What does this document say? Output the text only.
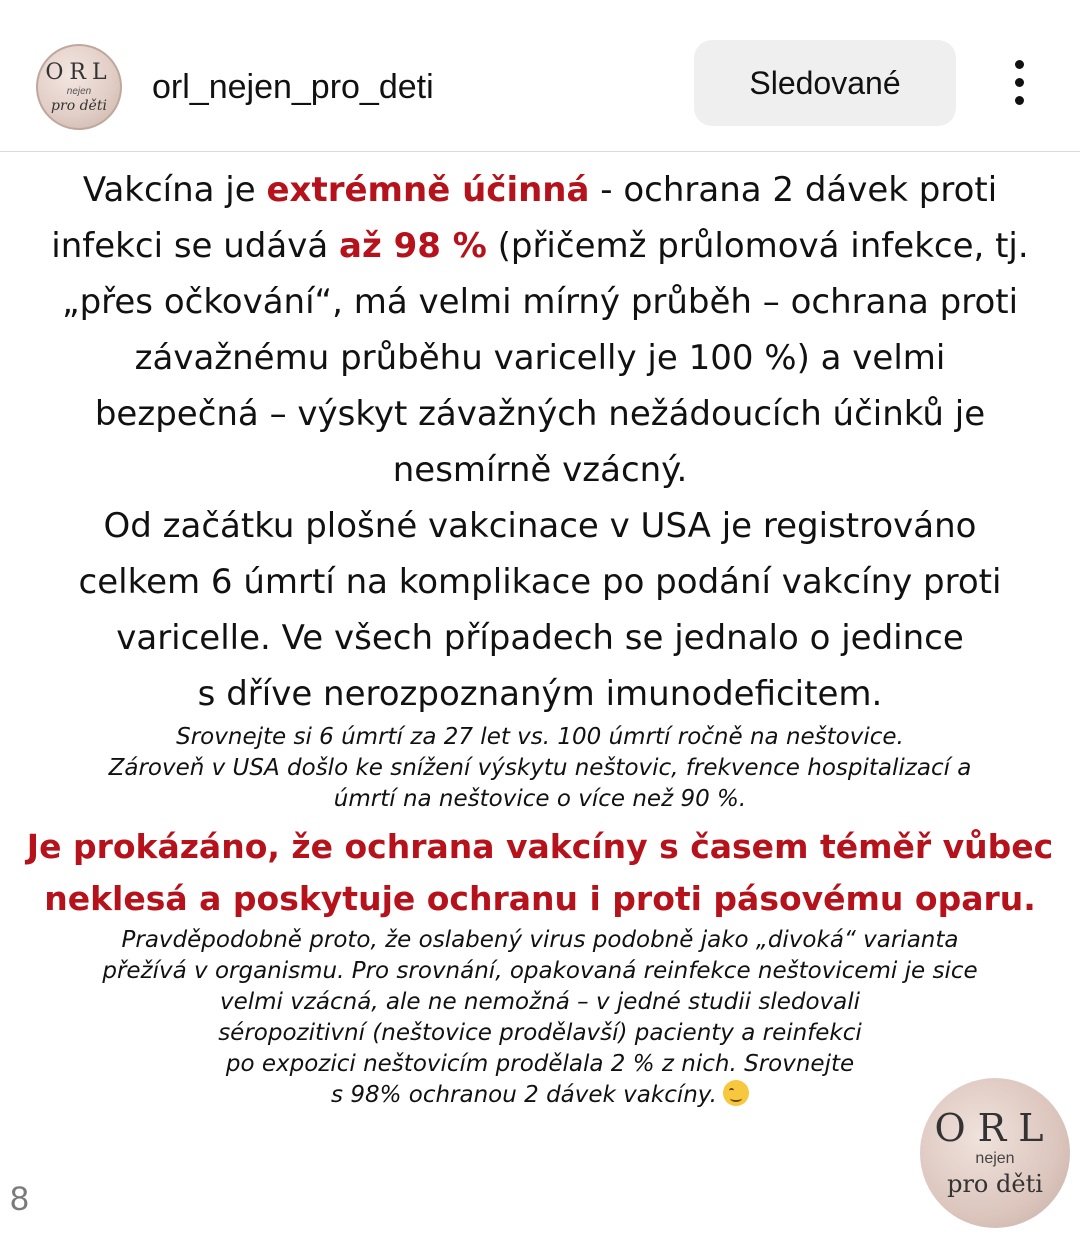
ORL
nejen
pro děti	orl_nejen_pro_deti	Sledované
Vakcína je extrémně účinná - ochrana 2 dávek proti
infekci se udává až 98 % (přičemž průlomová infekce, tj.
„přes očkování“, má velmi mírný průběh – ochrana proti
závažnému průběhu varicelly je 100 %) a velmi
bezpečná – výskyt závažných nežádoucích účinků je
nesmírně vzácný.
Od začátku plošné vakcinace v USA je registrováno
celkem 6 úmrtí na komplikace po podání vakcíny proti
varicelle. Ve všech případech se jednalo o jedince
s dříve nerozpoznaným imunodeficitem.
Srovnejte si 6 úmrtí za 27 let vs. 100 úmrtí ročně na neštovice.
Zároveň v USA došlo ke snížení výskytu neštovic, frekvence hospitalizací a
úmrtí na neštovice o více než 90 %.
Je prokázáno, že ochrana vakcíny s časem téměř vůbec
neklesá a poskytuje ochranu i proti pásovému oparu.
Pravděpodobně proto, že oslabený virus podobně jako „divoká“ varianta
přežívá v organismu. Pro srovnání, opakovaná reinfekce neštovicemi je sice
velmi vzácná, ale ne nemožná – v jedné studii sledovali
séropozitivní (neštovice prodělavší) pacienty a reinfekci
po expozici neštovicím prodělala 2 % z nich. Srovnejte
s 98% ochranou 2 dávek vakcíny.
8
ORL
nejen
pro děti
